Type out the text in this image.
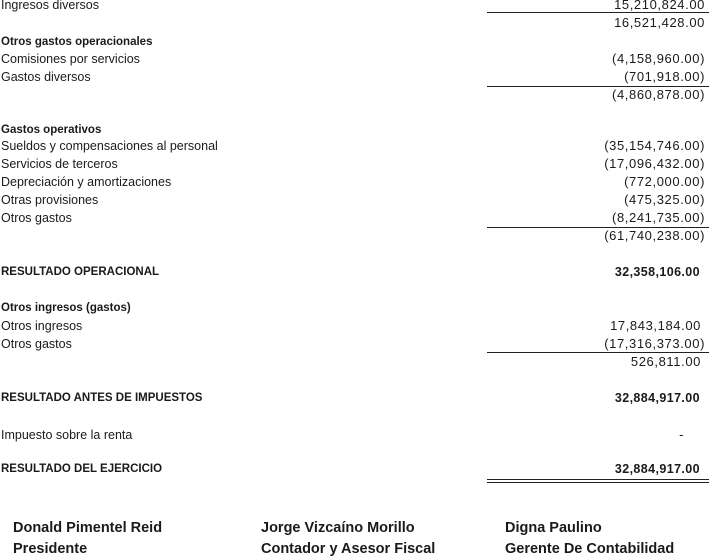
Ingresos diversos	15,210,824.00
16,521,428.00
Otros gastos operacionales
Comisiones por servicios	(4,158,960.00)
Gastos diversos	(701,918.00)
(4,860,878.00)
Gastos operativos
Sueldos y compensaciones al personal	(35,154,746.00)
Servicios de terceros	(17,096,432.00)
Depreciación y amortizaciones	(772,000.00)
Otras provisiones	(475,325.00)
Otros gastos	(8,241,735.00)
(61,740,238.00)
RESULTADO OPERACIONAL	32,358,106.00
Otros ingresos (gastos)
Otros ingresos	17,843,184.00
Otros gastos	(17,316,373.00)
526,811.00
RESULTADO ANTES DE IMPUESTOS	32,884,917.00
Impuesto sobre la renta	-
RESULTADO DEL EJERCICIO	32,884,917.00
Donald Pimentel Reid
Presidente
Jorge Vizcaíno Morillo
Contador y Asesor Fiscal
Digna Paulino
Gerente De Contabilidad
